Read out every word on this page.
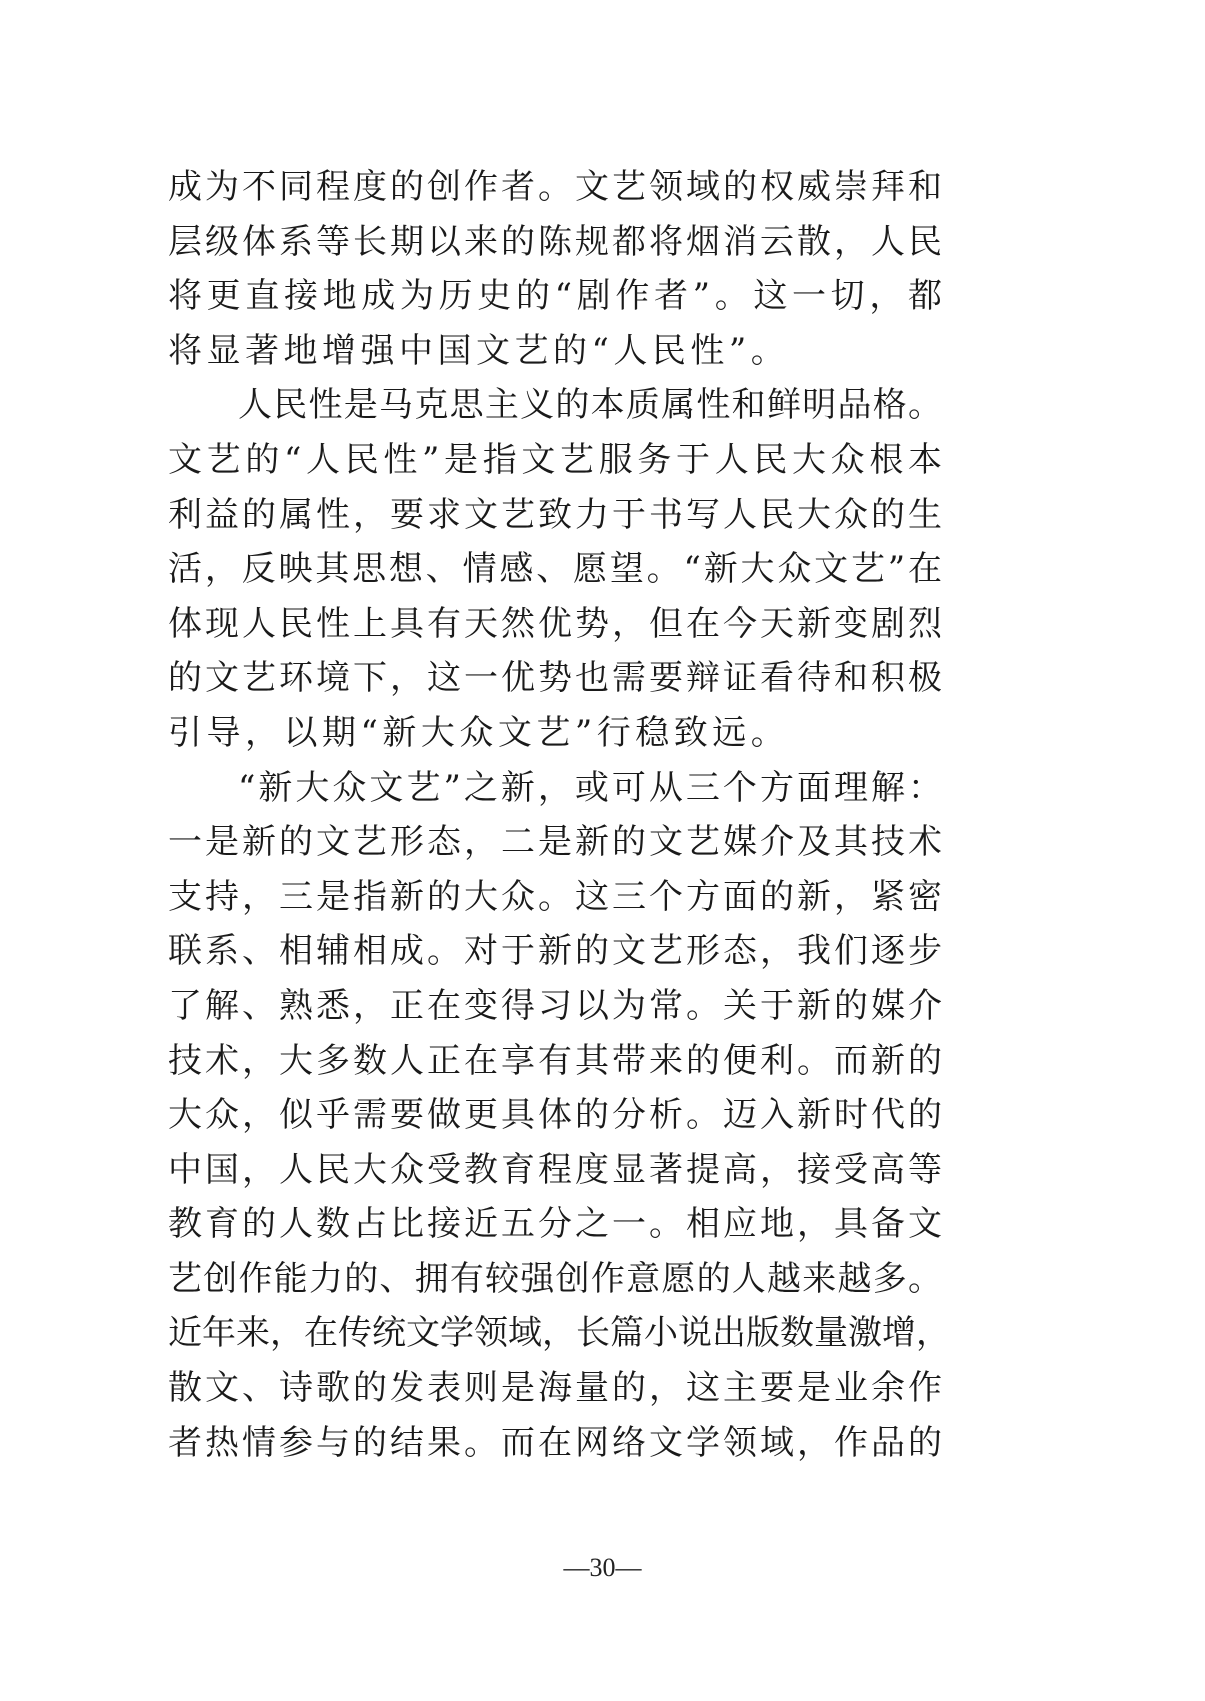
成为不同程度的创作者。文艺领域的权威崇拜和
层级体系等长期以来的陈规都将烟消云散，人民
将更直接地成为历史的“剧作者”。这一切，都
将显著地增强中国文艺的“人民性”。
人民性是马克思主义的本质属性和鲜明品格。
文艺的“人民性”是指文艺服务于人民大众根本
利益的属性，要求文艺致力于书写人民大众的生
活，反映其思想、情感、愿望。“新大众文艺”在
体现人民性上具有天然优势，但在今天新变剧烈
的文艺环境下，这一优势也需要辩证看待和积极
引导，以期“新大众文艺”行稳致远。
“新大众文艺”之新，或可从三个方面理解：
一是新的文艺形态，二是新的文艺媒介及其技术
支持，三是指新的大众。这三个方面的新，紧密
联系、相辅相成。对于新的文艺形态，我们逐步
了解、熟悉，正在变得习以为常。关于新的媒介
技术，大多数人正在享有其带来的便利。而新的
大众，似乎需要做更具体的分析。迈入新时代的
中国，人民大众受教育程度显著提高，接受高等
教育的人数占比接近五分之一。相应地，具备文
艺创作能力的、拥有较强创作意愿的人越来越多。
近年来，在传统文学领域，长篇小说出版数量激增，
散文、诗歌的发表则是海量的，这主要是业余作
者热情参与的结果。而在网络文学领域，作品的
—30—
